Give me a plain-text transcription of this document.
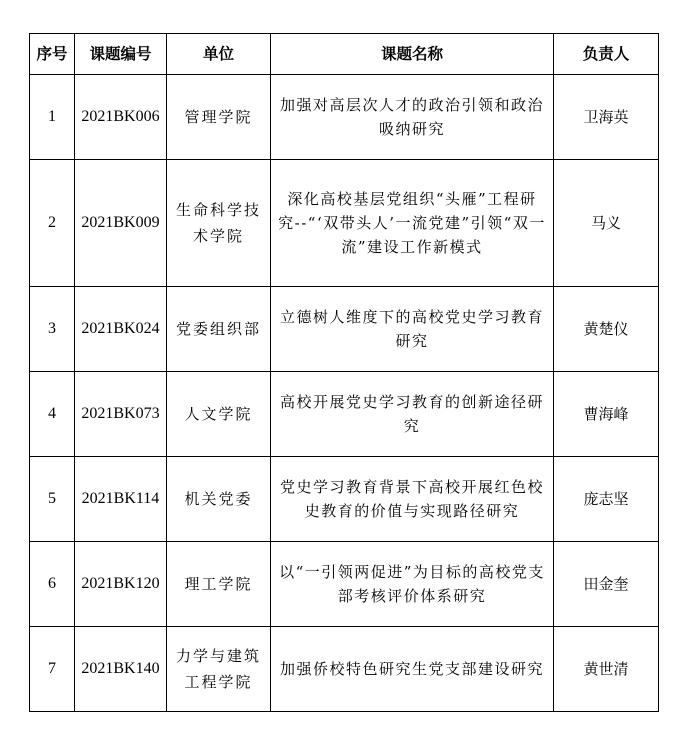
序号	课题编号	单位	课题名称	负责人
1	2021BK006	管理学院	加强对高层次人才的政治引领和政治吸纳研究	卫海英
2	2021BK009	生命科学技术学院	深化高校基层党组织“头雁”工程研究--“‘双带头人’一流党建”引领“双一流”建设工作新模式	马义
3	2021BK024	党委组织部	立德树人维度下的高校党史学习教育研究	黄楚仪
4	2021BK073	人文学院	高校开展党史学习教育的创新途径研究	曹海峰
5	2021BK114	机关党委	党史学习教育背景下高校开展红色校史教育的价值与实现路径研究	庞志坚
6	2021BK120	理工学院	以“一引领两促进”为目标的高校党支部考核评价体系研究	田金奎
7	2021BK140	力学与建筑工程学院	加强侨校特色研究生党支部建设研究	黄世清
